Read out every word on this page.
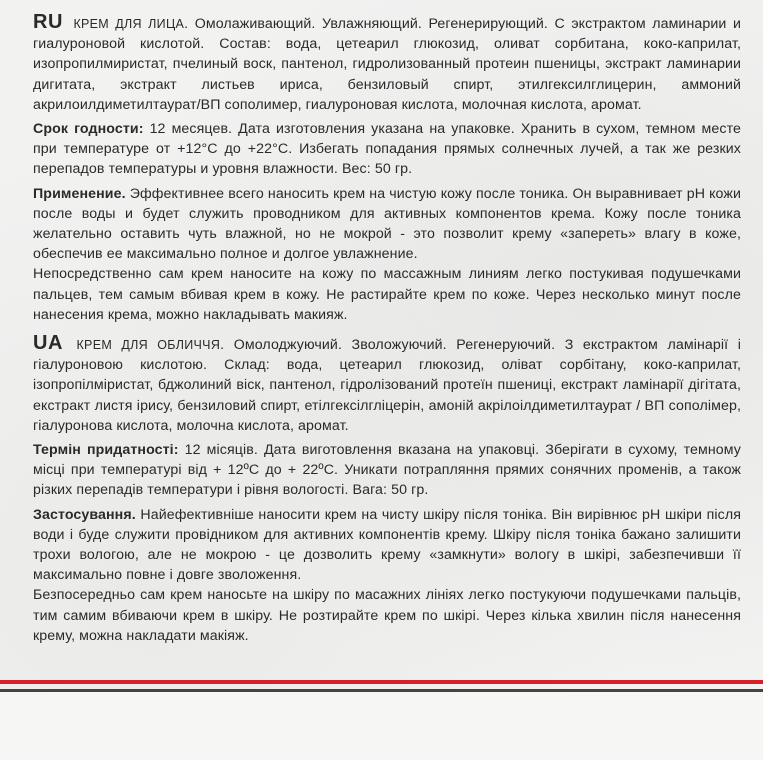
RU КРЕМ ДЛЯ ЛИЦА. Омолаживающий. Увлажняющий. Регенерирующий. С экстрактом ламинарии и гиалуроновой кислотой. Состав: вода, цетеарил глюкозид, оливат сорбитана, коко-каприлат, изопропилмиристат, пчелиный воск, пантенол, гидролизованный протеин пшеницы, экстракт ламинарии дигитата, экстракт листьев ириса, бензиловый спирт, этилгексилглицерин, аммоний акрилоилдиметилтаурат/ВП сополимер, гиалуроновая кислота, молочная кислота, аромат.

Срок годности: 12 месяцев. Дата изготовления указана на упаковке. Хранить в сухом, темном месте при температуре от +12°С до +22°С. Избегать попадания прямых солнечных лучей, а так же резких перепадов температуры и уровня влажности. Вес: 50 гр.

Применение. Эффективнее всего наносить крем на чистую кожу после тоника. Он выравнивает рН кожи после воды и будет служить проводником для активных компонентов крема. Кожу после тоника желательно оставить чуть влажной, но не мокрой - это позволит крему «запереть» влагу в коже, обеспечив ее максимально полное и долгое увлажнение.

Непосредственно сам крем наносите на кожу по массажным линиям легко постукивая подушечками пальцев, тем самым вбивая крем в кожу. Не растирайте крем по коже. Через несколько минут после нанесения крема, можно накладывать макияж.

UA КРЕМ ДЛЯ ОБЛИЧЧЯ. Омолоджуючий. Зволожуючий. Регенеруючий. З екстрактом ламінарії і гіалуроновою кислотою. Склад: вода, цетеарил глюкозид, олiват сорбітану, коко-каприлат, ізопропілміристат, бджолиний віск, пантенол, гідролізований протеїн пшениці, екстракт ламінарії дігітата, екстракт листя ірису, бензиловий спирт, етілгексілгліцерін, амоній акрілоілдиметилтаурат / ВП сополімер, гіалуронова кислота, молочна кислота, аромат.

Термін придатності: 12 місяців. Дата виготовлення вказана на упаковці. Зберігати в сухому, темному місці при температурі від + 12ºС до + 22ºС. Уникати потрапляння прямих сонячних променів, а також різких перепадів температури і рівня вологості. Вага: 50 гр.

Застосування. Найефективніше наносити крем на чисту шкіру після тоніка. Він вирівнює рН шкіри після води і буде служити провідником для активних компонентів крему. Шкіру після тоніка бажано залишити трохи вологою, але не мокрою - це дозволить крему «замкнути» вологу в шкірі, забезпечивши її максимально повне і довге зволоження.

Безпосередньо сам крем наносьте на шкіру по масажних лініях легко постукуючи подушечками пальців, тим самим вбиваючи крем в шкіру. Не розтирайте крем по шкірі. Через кілька хвилин після нанесення крему, можна накладати макіяж.
